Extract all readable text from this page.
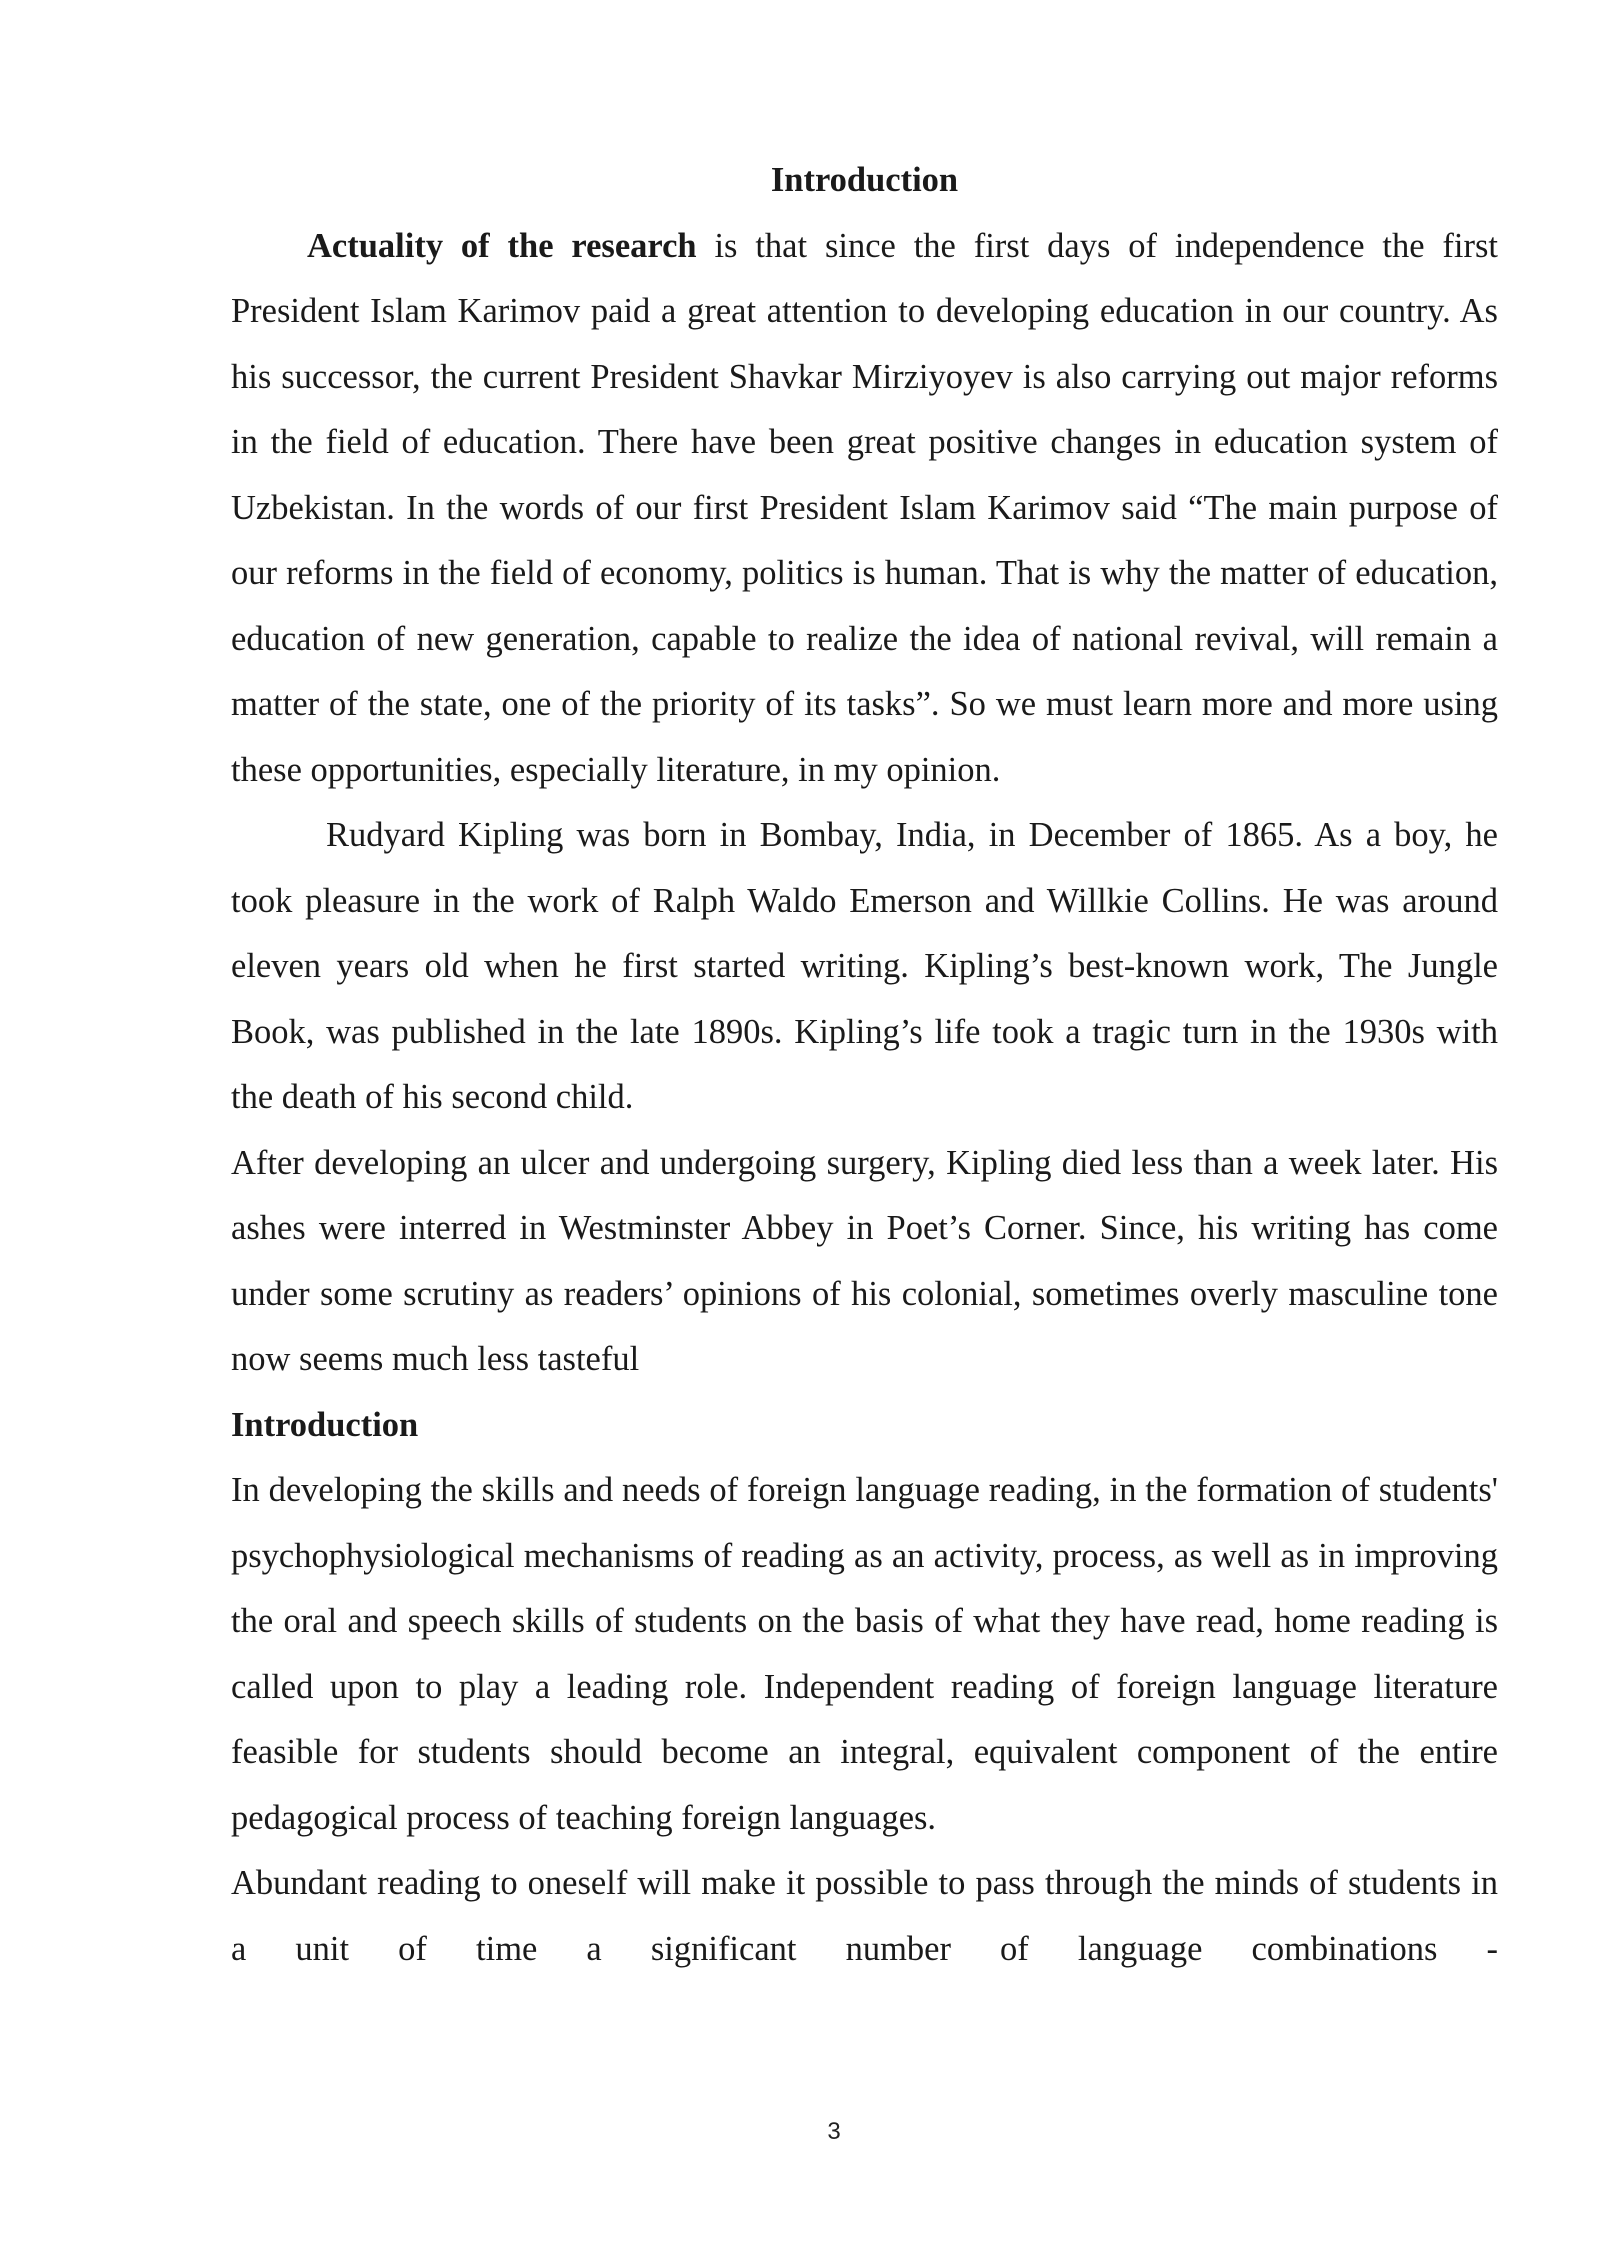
Introduction

Actuality of the research is that since the first days of independence the first President Islam Karimov paid a great attention to developing education in our country. As his successor, the current President Shavkar Mirziyoyev is also carrying out major reforms in the field of education. There have been great positive changes in education system of Uzbekistan. In the words of our first President Islam Karimov said “The main purpose of our reforms in the field of economy, politics is human. That is why the matter of education, education of new generation, capable to realize the idea of national revival, will remain a matter of the state, one of the priority of its tasks”. So we must learn more and more using these opportunities, especially literature, in my opinion.

Rudyard Kipling was born in Bombay, India, in December of 1865. As a boy, he took pleasure in the work of Ralph Waldo Emerson and Willkie Collins. He was around eleven years old when he first started writing. Kipling’s best-known work, The Jungle Book, was published in the late 1890s. Kipling’s life took a tragic turn in the 1930s with the death of his second child.

After developing an ulcer and undergoing surgery, Kipling died less than a week later. His ashes were interred in Westminster Abbey in Poet’s Corner. Since, his writing has come under some scrutiny as readers’ opinions of his colonial, sometimes overly masculine tone now seems much less tasteful

Introduction

In developing the skills and needs of foreign language reading, in the formation of students' psychophysiological mechanisms of reading as an activity, process, as well as in improving the oral and speech skills of students on the basis of what they have read, home reading is called upon to play a leading role. Independent reading of foreign language literature feasible for students should become an integral, equivalent component of the entire pedagogical process of teaching foreign languages.

Abundant reading to oneself will make it possible to pass through the minds of students in a unit of time a significant number of language combinations -

3
